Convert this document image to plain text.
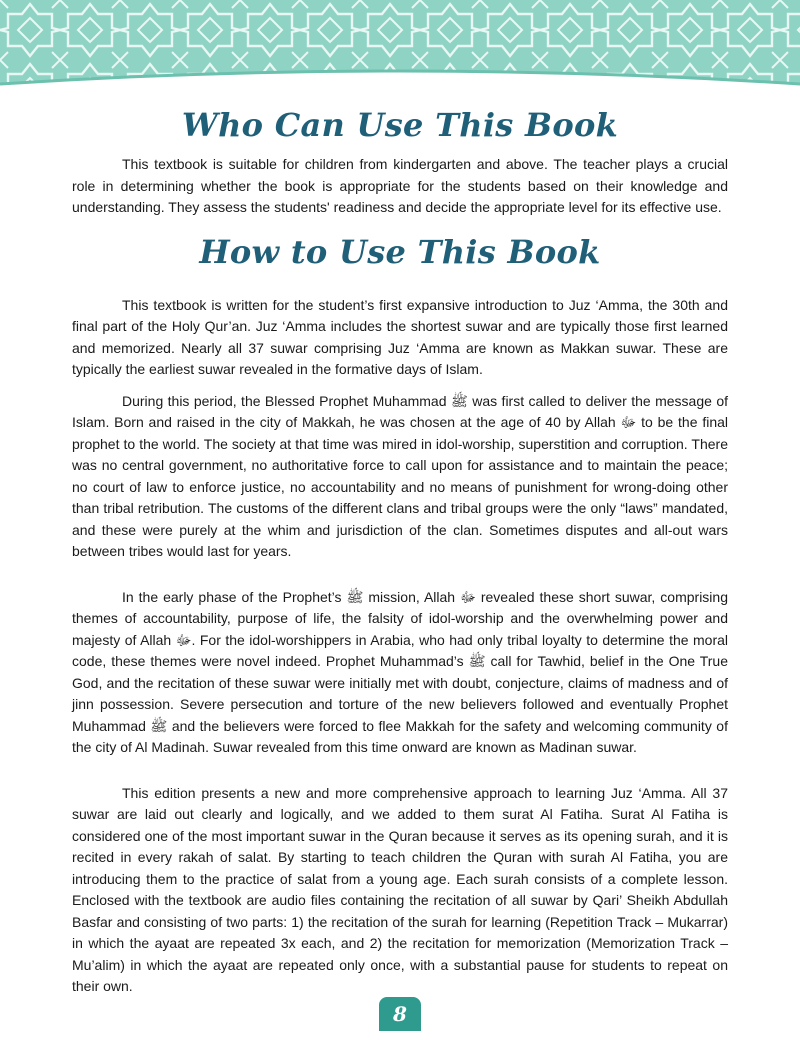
Who Can Use This Book

This textbook is suitable for children from kindergarten and above. The teacher plays a crucial role in determining whether the book is appropriate for the students based on their knowledge and understanding. They assess the students' readiness and decide the appropriate level for its effective use.

How to Use This Book

This textbook is written for the student’s first expansive introduction to Juz ‘Amma, the 30th and final part of the Holy Qur’an. Juz ‘Amma includes the shortest suwar and are typically those first learned and memorized. Nearly all 37 suwar comprising Juz ‘Amma are known as Makkan suwar. These are typically the earliest suwar revealed in the formative days of Islam.

During this period, the Blessed Prophet Muhammad ﷺ was first called to deliver the message of Islam. Born and raised in the city of Makkah, he was chosen at the age of 40 by Allah ﷻ to be the final prophet to the world. The society at that time was mired in idol-worship, superstition and corruption. There was no central government, no authoritative force to call upon for assistance and to maintain the peace; no court of law to enforce justice, no accountability and no means of punishment for wrong-doing other than tribal retribution. The customs of the different clans and tribal groups were the only “laws” mandated, and these were purely at the whim and jurisdiction of the clan. Sometimes disputes and all-out wars between tribes would last for years.

In the early phase of the Prophet’s ﷺ mission, Allah ﷻ revealed these short suwar, comprising themes of accountability, purpose of life, the falsity of idol-worship and the overwhelming power and majesty of Allah ﷻ. For the idol-worshippers in Arabia, who had only tribal loyalty to determine the moral code, these themes were novel indeed. Prophet Muhammad’s ﷺ call for Tawhid, belief in the One True God, and the recitation of these suwar were initially met with doubt, conjecture, claims of madness and of jinn possession. Severe persecution and torture of the new believers followed and eventually Prophet Muhammad ﷺ and the believers were forced to flee Makkah for the safety and welcoming community of the city of Al Madinah. Suwar revealed from this time onward are known as Madinan suwar.

This edition presents a new and more comprehensive approach to learning Juz ‘Amma. All 37 suwar are laid out clearly and logically, and we added to them surat Al Fatiha. Surat Al Fatiha is considered one of the most important suwar in the Quran because it serves as its opening surah, and it is recited in every rakah of salat. By starting to teach children the Quran with surah Al Fatiha, you are introducing them to the practice of salat from a young age. Each surah consists of a complete lesson. Enclosed with the textbook are audio files containing the recitation of all suwar by Qari’ Sheikh Abdullah Basfar and consisting of two parts: 1) the recitation of the surah for learning (Repetition Track – Mukarrar) in which the ayaat are repeated 3x each, and 2) the recitation for memorization (Memorization Track – Mu’alim) in which the ayaat are repeated only once, with a substantial pause for students to repeat on their own.

8
